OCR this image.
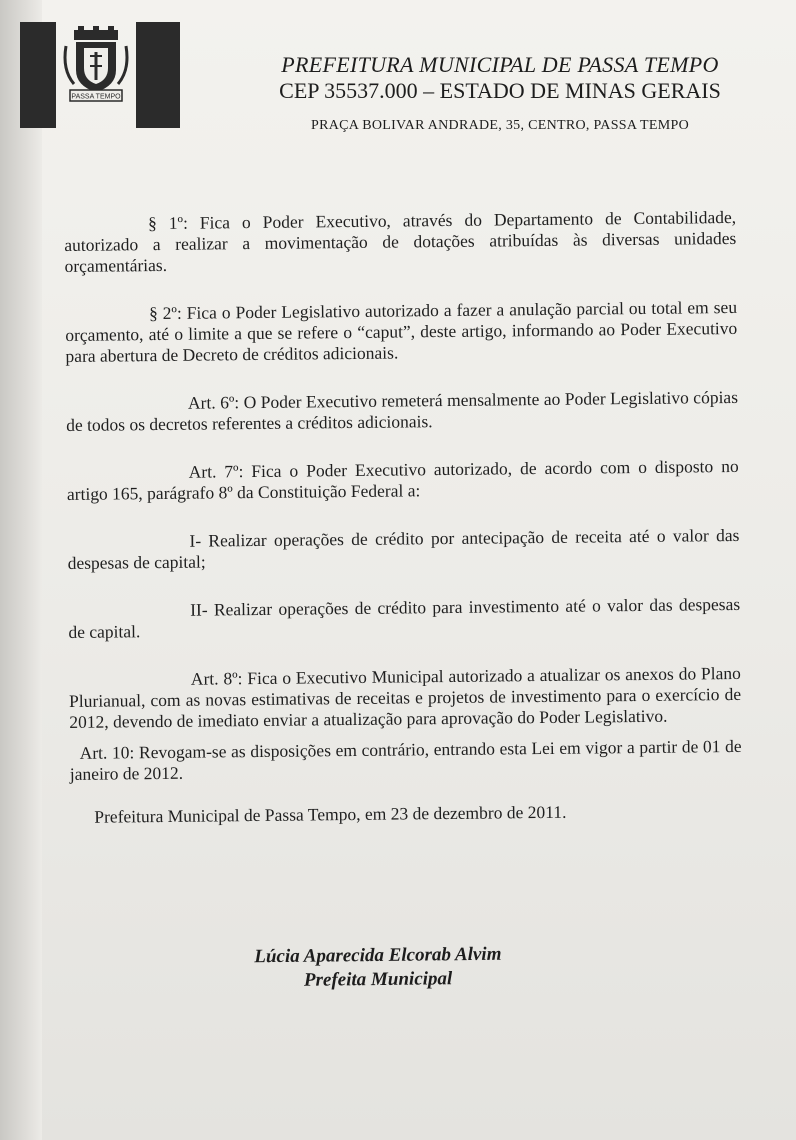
PASSA TEMPO
PREFEITURA MUNICIPAL DE PASSA TEMPO
CEP 35537.000 – ESTADO DE MINAS GERAIS
PRAÇA BOLIVAR ANDRADE, 35, CENTRO, PASSA TEMPO

§ 1º: Fica o Poder Executivo, através do Departamento de Contabilidade, autorizado a realizar a movimentação de dotações atribuídas às diversas unidades orçamentárias.

§ 2º: Fica o Poder Legislativo autorizado a fazer a anulação parcial ou total em seu orçamento, até o limite a que se refere o “caput”, deste artigo, informando ao Poder Executivo para abertura de Decreto de créditos adicionais.

Art. 6º: O Poder Executivo remeterá mensalmente ao Poder Legislativo cópias de todos os decretos referentes a créditos adicionais.

Art. 7º: Fica o Poder Executivo autorizado, de acordo com o disposto no artigo 165, parágrafo 8º da Constituição Federal a:

I- Realizar operações de crédito por antecipação de receita até o valor das despesas de capital;

II- Realizar operações de crédito para investimento até o valor das despesas de capital.

Art. 8º: Fica o Executivo Municipal autorizado a atualizar os anexos do Plano Plurianual, com as novas estimativas de receitas e projetos de investimento para o exercício de 2012, devendo de imediato enviar a atualização para aprovação do Poder Legislativo.

Art. 10: Revogam-se as disposições em contrário, entrando esta Lei em vigor a partir de 01 de janeiro de 2012.

Prefeitura Municipal de Passa Tempo, em 23 de dezembro de 2011.

Lúcia Aparecida Elcorab Alvim
Prefeita Municipal
